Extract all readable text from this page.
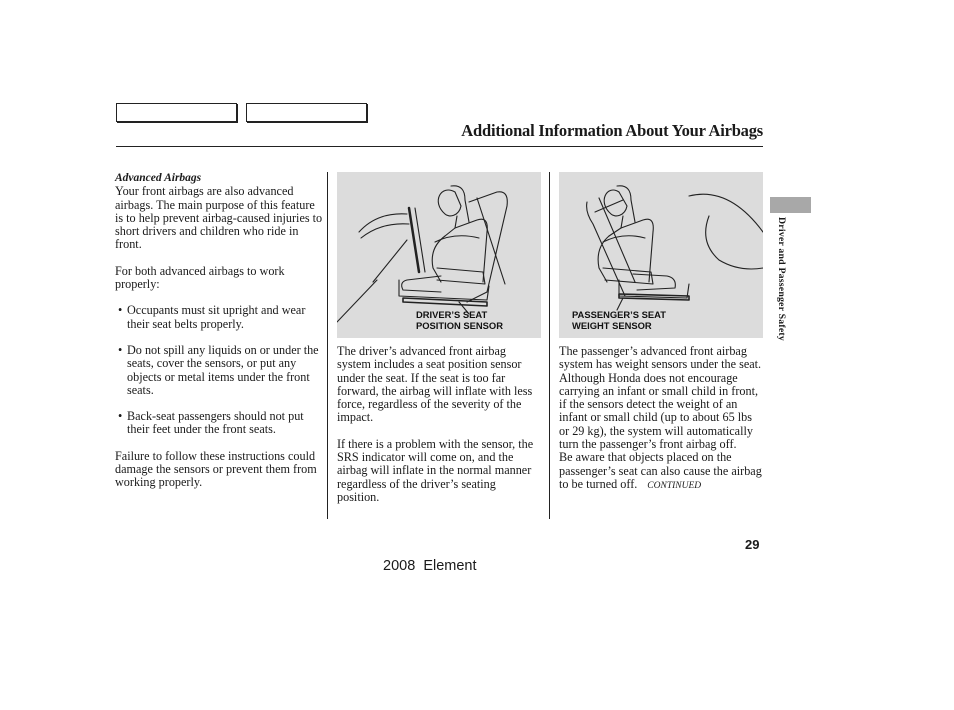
Additional Information About Your Airbags

Advanced Airbags

Your front airbags are also advanced airbags. The main purpose of this feature is to help prevent airbag-caused injuries to short drivers and children who ride in front.

For both advanced airbags to work properly:

• Occupants must sit upright and wear their seat belts properly.
• Do not spill any liquids on or under the seats, cover the sensors, or put any objects or metal items under the front seats.
• Back-seat passengers should not put their feet under the front seats.

Failure to follow these instructions could damage the sensors or prevent them from working properly.

DRIVER’S SEAT
POSITION SENSOR
PASSENGER’S SEAT
WEIGHT SENSOR

The driver’s advanced front airbag system includes a seat position sensor under the seat. If the seat is too far forward, the airbag will inflate with less force, regardless of the severity of the impact.

If there is a problem with the sensor, the SRS indicator will come on, and the airbag will inflate in the normal manner regardless of the driver’s seating position.

The passenger’s advanced front airbag system has weight sensors under the seat. Although Honda does not encourage carrying an infant or small child in front, if the sensors detect the weight of an infant or small child (up to about 65 lbs or 29 kg), the system will automatically turn the passenger’s front airbag off.

Be aware that objects placed on the passenger’s seat can also cause the airbag to be turned off. CONTINUED

Driver and Passenger Safety
29
2008  Element
